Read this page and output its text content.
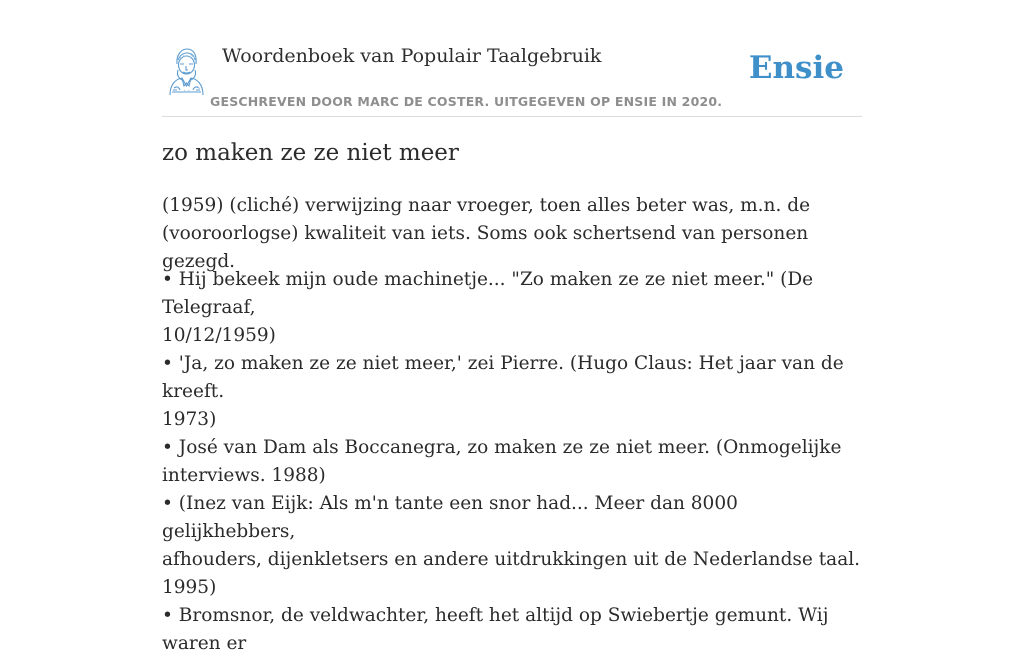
Woordenboek van Populair Taalgebruik
GESCHREVEN DOOR MARC DE COSTER. UITGEGEVEN OP ENSIE IN 2020.
Ensie
zo maken ze ze niet meer
(1959) (cliché) verwijzing naar vroeger, toen alles beter was, m.n. de
(vooroorlogse) kwaliteit van iets. Soms ook schertsend van personen gezegd.
• Hij bekeek mijn oude machinetje... "Zo maken ze ze niet meer." (De Telegraaf,
10/12/1959)
• 'Ja, zo maken ze ze niet meer,' zei Pierre. (Hugo Claus: Het jaar van de kreeft.
1973)
• José van Dam als Boccanegra, zo maken ze ze niet meer. (Onmogelijke
interviews. 1988)
• (Inez van Eijk: Als m'n tante een snor had... Meer dan 8000 gelijkhebbers,
afhouders, dijenkletsers en andere uitdrukkingen uit de Nederlandse taal. 1995)
• Bromsnor, de veldwachter, heeft het altijd op Swiebertje gemunt. Wij waren er
